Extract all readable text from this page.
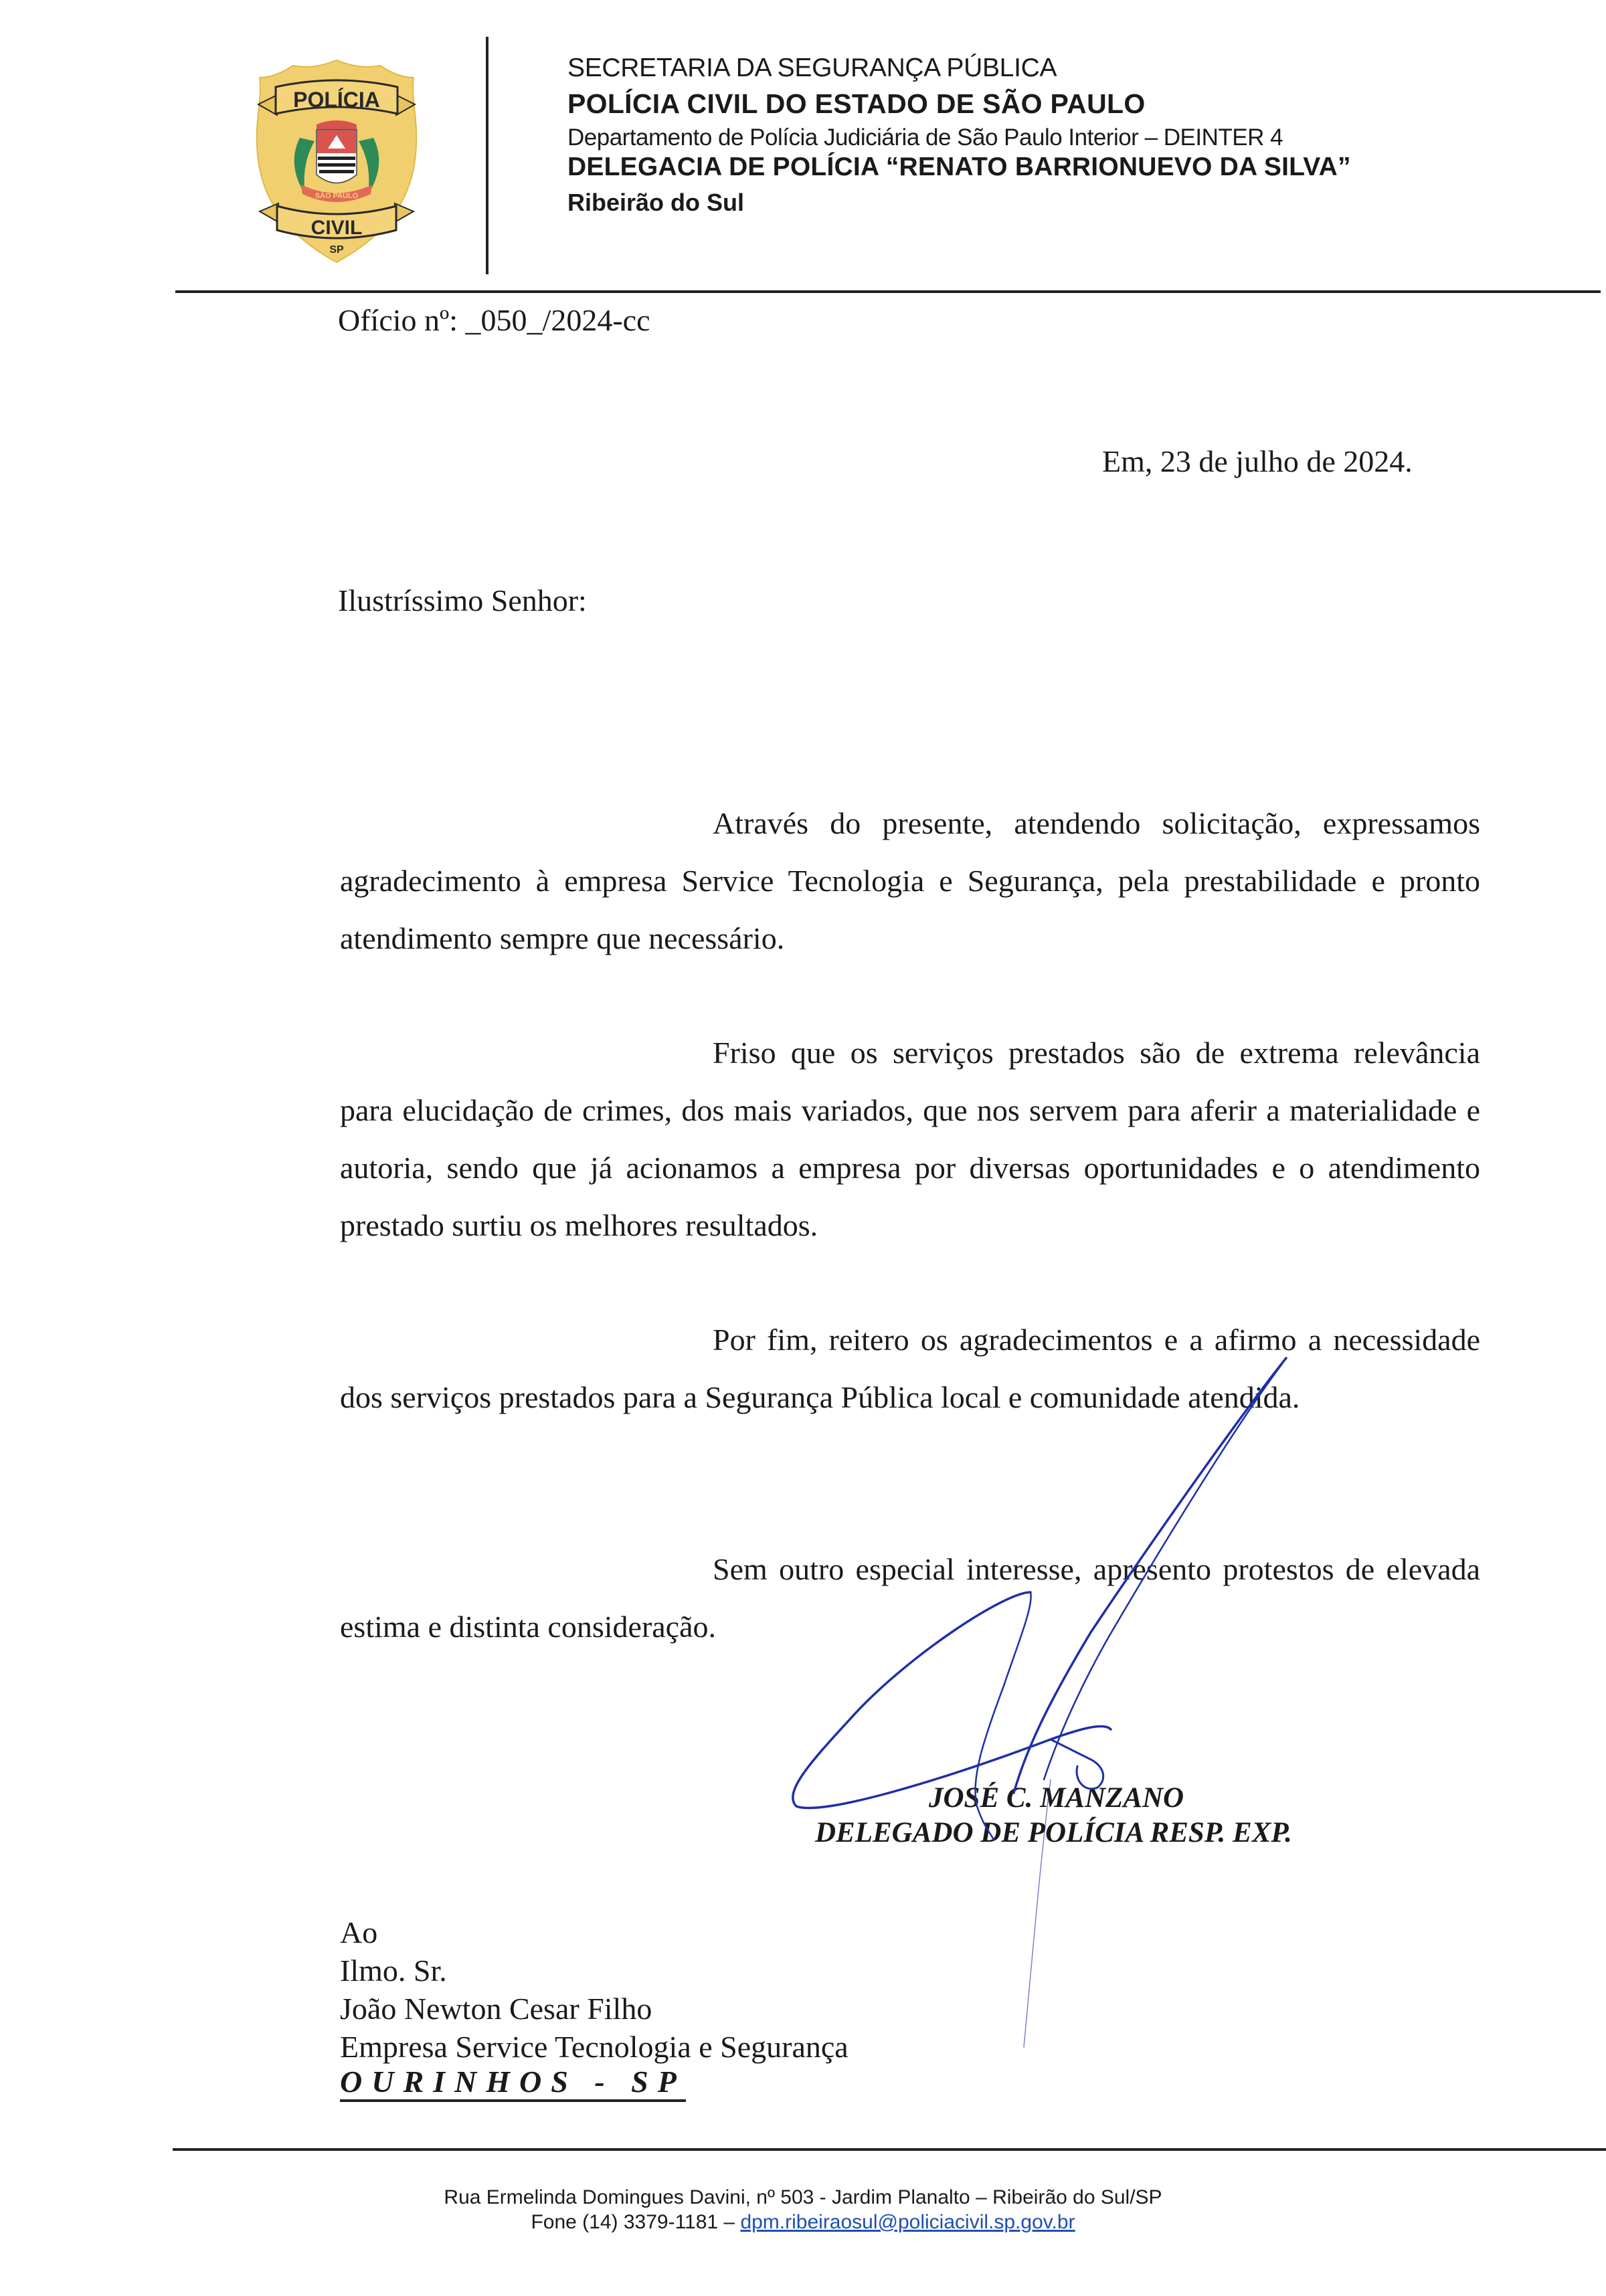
POLÍCIA
SÃO PAULO
CIVIL
SP
SECRETARIA DA SEGURANÇA PÚBLICA
POLÍCIA CIVIL DO ESTADO DE SÃO PAULO
Departamento de Polícia Judiciária de São Paulo Interior – DEINTER 4
DELEGACIA DE POLÍCIA “RENATO BARRIONUEVO DA SILVA”
Ribeirão do Sul
Ofício nº: _050_/2024-cc
Em, 23 de julho de 2024.
Ilustríssimo Senhor:
Através do presente, atendendo solicitação, expressamos agradecimento à empresa Service Tecnologia e Segurança, pela prestabilidade e pronto atendimento sempre que necessário.
Friso que os serviços prestados são de extrema relevância para elucidação de crimes, dos mais variados, que nos servem para aferir a materialidade e autoria, sendo que já acionamos a empresa por diversas oportunidades e o atendimento prestado surtiu os melhores resultados.
Por fim, reitero os agradecimentos e a afirmo a necessidade dos serviços prestados para a Segurança Pública local e comunidade atendida.
Sem outro especial interesse, apresento protestos de elevada estima e distinta consideração.
JOSÉ C. MANZANO
DELEGADO DE POLÍCIA RESP. EXP.
Ao
Ilmo. Sr.
João Newton Cesar Filho
Empresa Service Tecnologia e Segurança
OURINHOS - SP
Rua Ermelinda Domingues Davini, nº 503 - Jardim Planalto – Ribeirão do Sul/SP
Fone (14) 3379-1181 – dpm.ribeiraosul@policiacivil.sp.gov.br
